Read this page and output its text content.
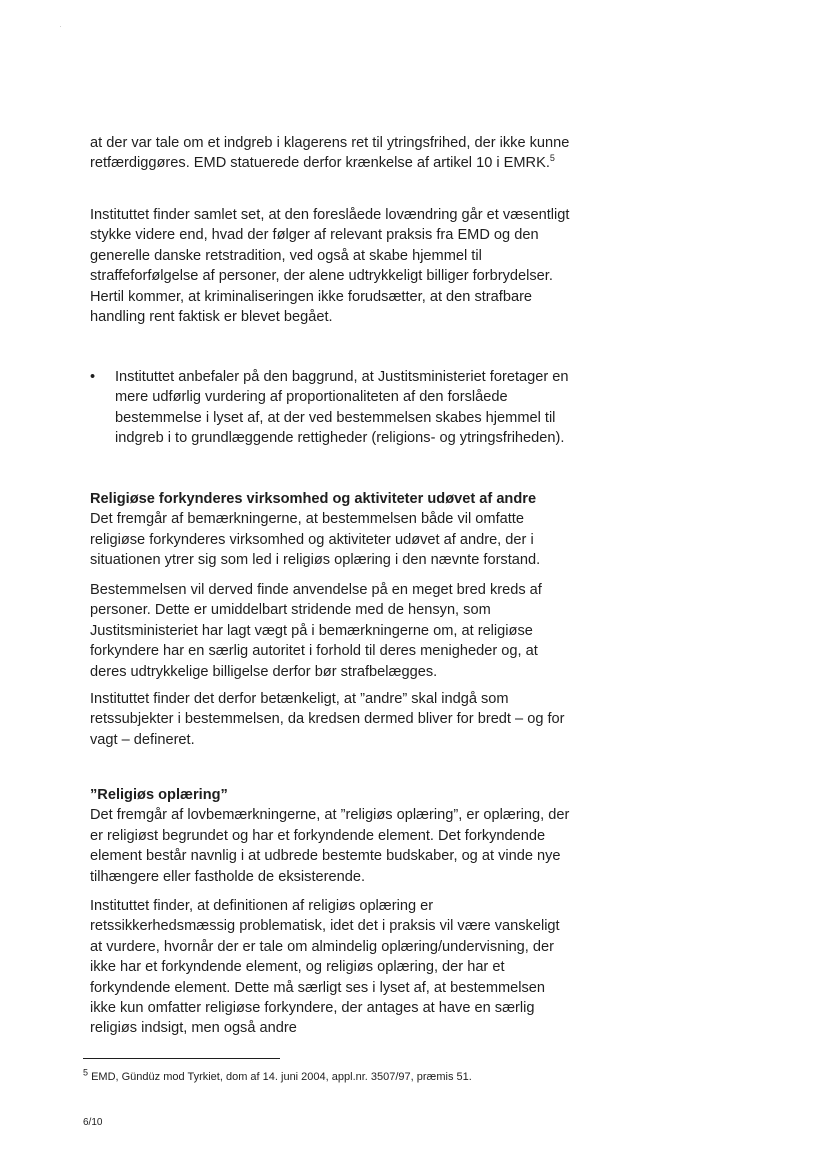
at der var tale om et indgreb i klagerens ret til ytringsfrihed, der ikke kunne retfærdiggøres. EMD statuerede derfor krænkelse af artikel 10 i EMRK.$^5$

Instituttet finder samlet set, at den foreslåede lovændring går et væsentligt stykke videre end, hvad der følger af relevant praksis fra EMD og den generelle danske retstradition, ved også at skabe hjemmel til straffeforfølgelse af personer, der alene udtrykkeligt billiger forbrydelser. Hertil kommer, at kriminaliseringen ikke forudsætter, at den strafbare handling rent faktisk er blevet begået.

•	Instituttet anbefaler på den baggrund, at Justitsministeriet foretager en mere udførlig vurdering af proportionaliteten af den forslåede bestemmelse i lyset af, at der ved bestemmelsen skabes hjemmel til indgreb i to grundlæggende rettigheder (religions- og ytringsfriheden).

Religiøse forkynderes virksomhed og aktiviteter udøvet af andre

Det fremgår af bemærkningerne, at bestemmelsen både vil omfatte religiøse forkynderes virksomhed og aktiviteter udøvet af andre, der i situationen ytrer sig som led i religiøs oplæring i den nævnte forstand.

Bestemmelsen vil derved finde anvendelse på en meget bred kreds af personer. Dette er umiddelbart stridende med de hensyn, som Justitsministeriet har lagt vægt på i bemærkningerne om, at religiøse forkyndere har en særlig autoritet i forhold til deres menigheder og, at deres udtrykkelige billigelse derfor bør strafbelægges.

Instituttet finder det derfor betænkeligt, at ”andre” skal indgå som retssubjekter i bestemmelsen, da kredsen dermed bliver for bredt – og for vagt – defineret.

”Religiøs oplæring”

Det fremgår af lovbemærkningerne, at ”religiøs oplæring”, er oplæring, der er religiøst begrundet og har et forkyndende element. Det forkyndende element består navnlig i at udbrede bestemte budskaber, og at vinde nye tilhængere eller fastholde de eksisterende.

Instituttet finder, at definitionen af religiøs oplæring er retssikkerhedsmæssig problematisk, idet det i praksis vil være vanskeligt at vurdere, hvornår der er tale om almindelig oplæring/undervisning, der ikke har et forkyndende element, og religiøs oplæring, der har et forkyndende element. Dette må særligt ses i lyset af, at bestemmelsen ikke kun omfatter religiøse forkyndere, der antages at have en særlig religiøs indsigt, men også andre

$^5$ EMD, Gündüz mod Tyrkiet, dom af 14. juni 2004, appl.nr. 3507/97, præmis 51.
6/10
